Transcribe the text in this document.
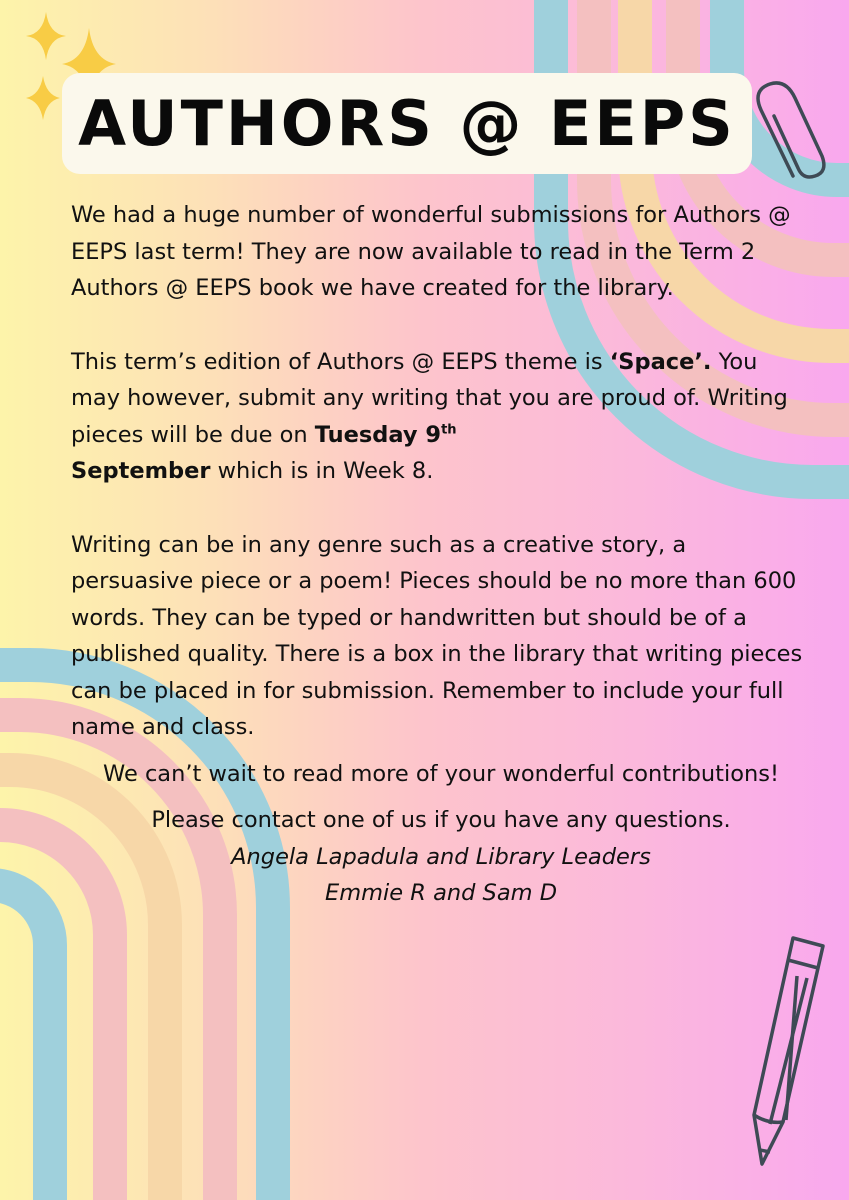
AUTHORS @ EEPS

We had a huge number of wonderful submissions for Authors @ EEPS last term! They are now available to read in the Term 2 Authors @ EEPS book we have created for the library.

This term’s edition of Authors @ EEPS theme is ‘Space’. You may however, submit any writing that you are proud of. Writing pieces will be due on Tuesday 9th
September which is in Week 8.

Writing can be in any genre such as a creative story, a persuasive piece or a poem! Pieces should be no more than 600 words. They can be typed or handwritten but should be of a published quality. There is a box in the library that writing pieces can be placed in for submission. Remember to include your full name and class.

We can’t wait to read more of your wonderful contributions!

Please contact one of us if you have any questions.
Angela Lapadula and Library Leaders
Emmie R and Sam D
